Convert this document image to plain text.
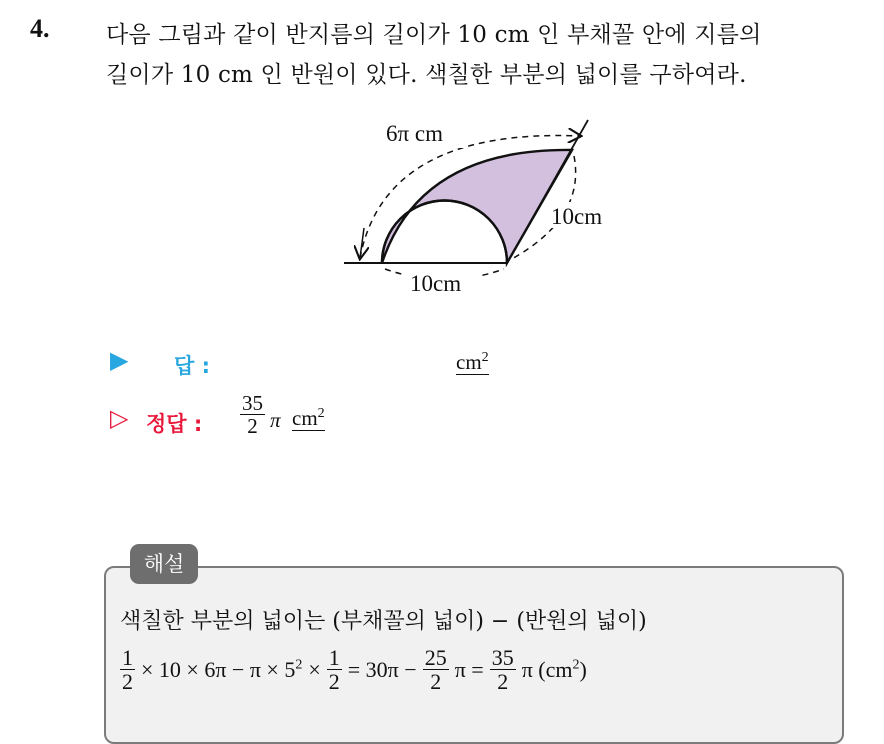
4. 다음 그림과 같이 반지름의 길이가 10 cm 인 부채꼴 안에 지름의
길이가 10 cm 인 반원이 있다. 색칠한 부분의 넓이를 구하여라.
6π cm
10cm
10cm
▶ 답 :	$cm^2$
▷ 정답 : $\frac{35}{2}$ π $cm^2$
해설
색칠한 부분의 넓이는 (부채꼴의 넓이) − (반원의 넓이)
$\frac{1}{2} \times 10 \times 6\pi - \pi \times 5^2 \times \frac{1}{2} = 30\pi - \frac{25}{2}$ $\pi = \frac{35}{2}$ π $(cm^2)$
